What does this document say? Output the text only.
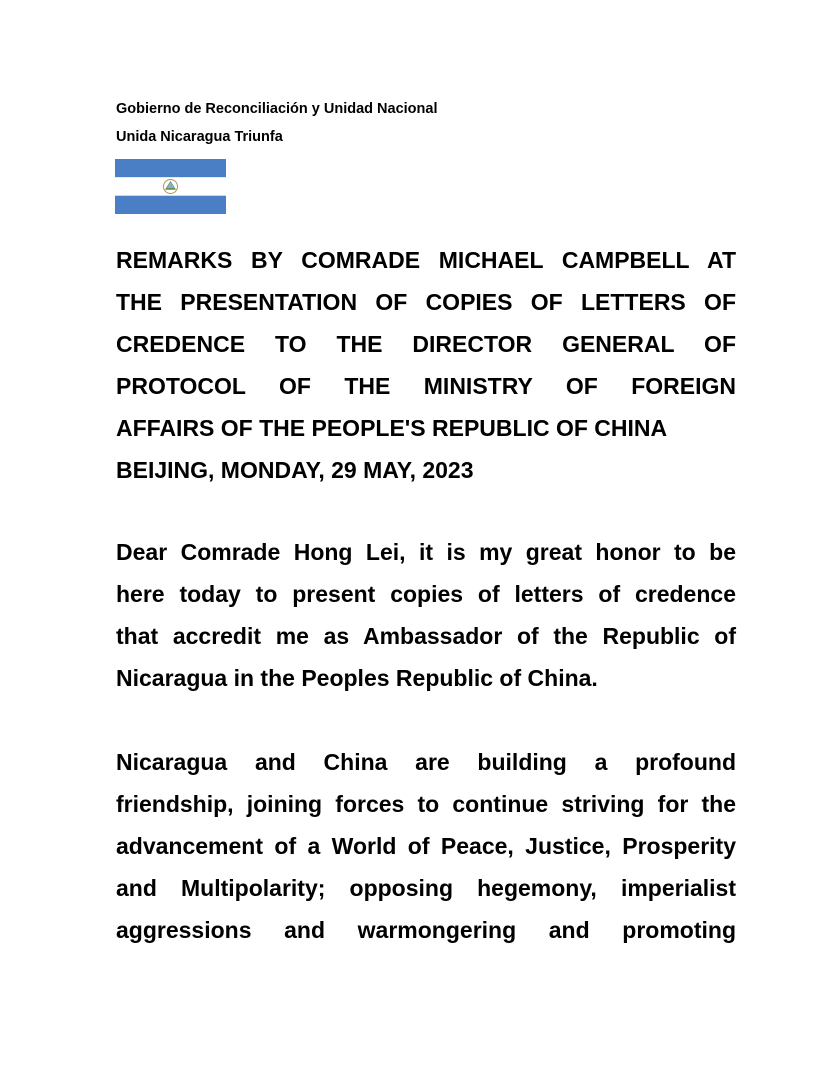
Gobierno de Reconciliación y Unidad Nacional

Unida Nicaragua Triunfa

REMARKS BY COMRADE MICHAEL CAMPBELL AT
THE PRESENTATION OF COPIES OF LETTERS OF
CREDENCE TO THE DIRECTOR GENERAL OF
PROTOCOL OF THE MINISTRY OF FOREIGN
AFFAIRS OF THE PEOPLE'S REPUBLIC OF CHINA
BEIJING, MONDAY, 29 MAY, 2023
Dear Comrade Hong Lei, it is my great honor to be
here today to present copies of letters of credence
that accredit me as Ambassador of the Republic of
Nicaragua in the Peoples Republic of China.
Nicaragua and China are building a profound
friendship, joining forces to continue striving for the
advancement of a World of Peace, Justice, Prosperity
and Multipolarity; opposing hegemony, imperialist
aggressions and warmongering and promoting
